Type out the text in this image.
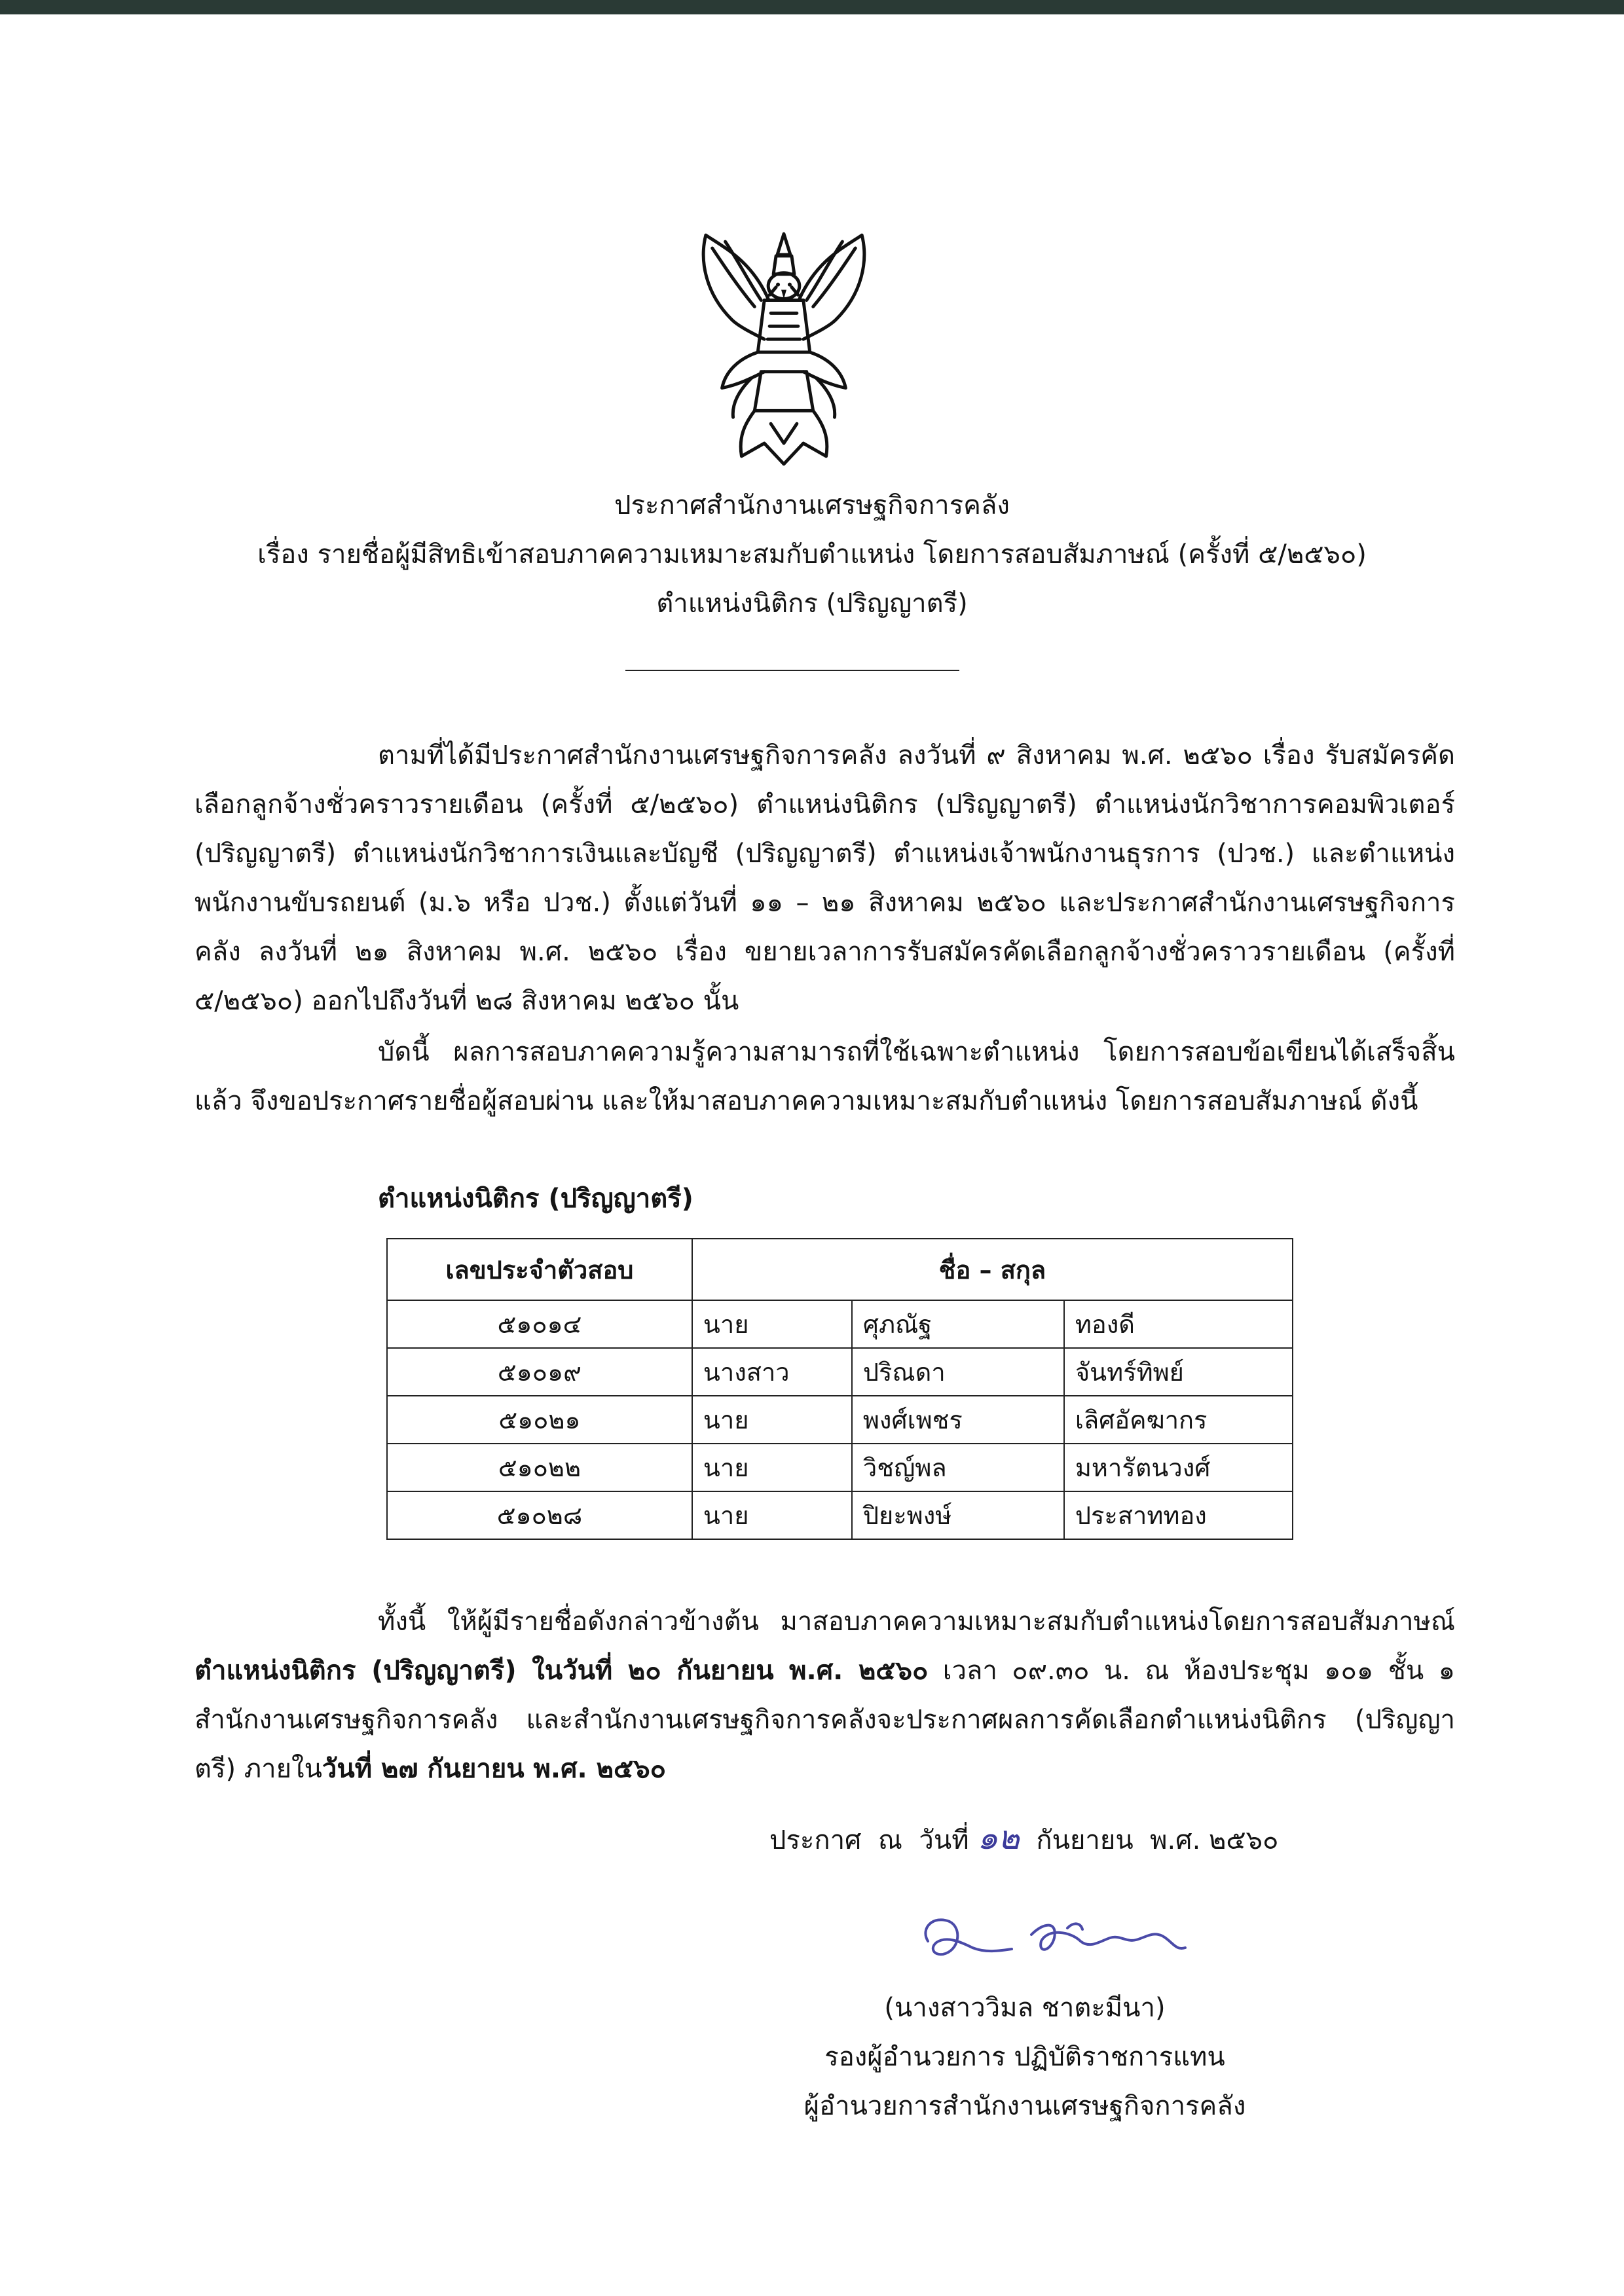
ประกาศสำนักงานเศรษฐกิจการคลัง
เรื่อง รายชื่อผู้มีสิทธิเข้าสอบภาคความเหมาะสมกับตำแหน่ง โดยการสอบสัมภาษณ์ (ครั้งที่ ๕/๒๕๖๐)
ตำแหน่งนิติกร (ปริญญาตรี)
ตามที่ได้มีประกาศสำนักงานเศรษฐกิจการคลัง ลงวันที่ ๙ สิงหาคม พ.ศ. ๒๕๖๐ เรื่อง รับสมัครคัดเลือกลูกจ้างชั่วคราวรายเดือน (ครั้งที่ ๕/๒๕๖๐) ตำแหน่งนิติกร (ปริญญาตรี) ตำแหน่งนักวิชาการคอมพิวเตอร์ (ปริญญาตรี) ตำแหน่งนักวิชาการเงินและบัญชี (ปริญญาตรี) ตำแหน่งเจ้าพนักงานธุรการ (ปวช.) และตำแหน่งพนักงานขับรถยนต์ (ม.๖ หรือ ปวช.) ตั้งแต่วันที่ ๑๑ – ๒๑ สิงหาคม ๒๕๖๐ และประกาศสำนักงานเศรษฐกิจการคลัง ลงวันที่ ๒๑ สิงหาคม พ.ศ. ๒๕๖๐ เรื่อง ขยายเวลาการรับสมัครคัดเลือกลูกจ้างชั่วคราวรายเดือน (ครั้งที่ ๕/๒๕๖๐) ออกไปถึงวันที่ ๒๘ สิงหาคม ๒๕๖๐ นั้น
บัดนี้ ผลการสอบภาคความรู้ความสามารถที่ใช้เฉพาะตำแหน่ง โดยการสอบข้อเขียนได้เสร็จสิ้นแล้ว จึงขอประกาศรายชื่อผู้สอบผ่าน และให้มาสอบภาคความเหมาะสมกับตำแหน่ง โดยการสอบสัมภาษณ์ ดังนี้
ตำแหน่งนิติกร (ปริญญาตรี)
เลขประจำตัวสอบ	ชื่อ – สกุล		
๕๑๐๑๔	นาย	ศุภณัฐ	ทองดี
๕๑๐๑๙	นางสาว	ปริณดา	จันทร์ทิพย์
๕๑๐๒๑	นาย	พงศ์เพชร	เลิศอัคฆากร
๕๑๐๒๒	นาย	วิชญ์พล	มหารัตนวงศ์
๕๑๐๒๘	นาย	ปิยะพงษ์	ประสาททอง
ทั้งนี้ ให้ผู้มีรายชื่อดังกล่าวข้างต้น มาสอบภาคความเหมาะสมกับตำแหน่งโดยการสอบสัมภาษณ์ ตำแหน่งนิติกร (ปริญญาตรี) ในวันที่ ๒๐ กันยายน พ.ศ. ๒๕๖๐ เวลา ๐๙.๓๐ น. ณ ห้องประชุม ๑๐๑ ชั้น ๑ สำนักงานเศรษฐกิจการคลัง และสำนักงานเศรษฐกิจการคลังจะประกาศผลการคัดเลือกตำแหน่งนิติกร (ปริญญาตรี) ภายในวันที่ ๒๗ กันยายน พ.ศ. ๒๕๖๐
ประกาศ  ณ  วันที่ ๑๒  กันยายน  พ.ศ. ๒๕๖๐
(นางสาววิมล ชาตะมีนา)
รองผู้อำนวยการ ปฏิบัติราชการแทน
ผู้อำนวยการสำนักงานเศรษฐกิจการคลัง
